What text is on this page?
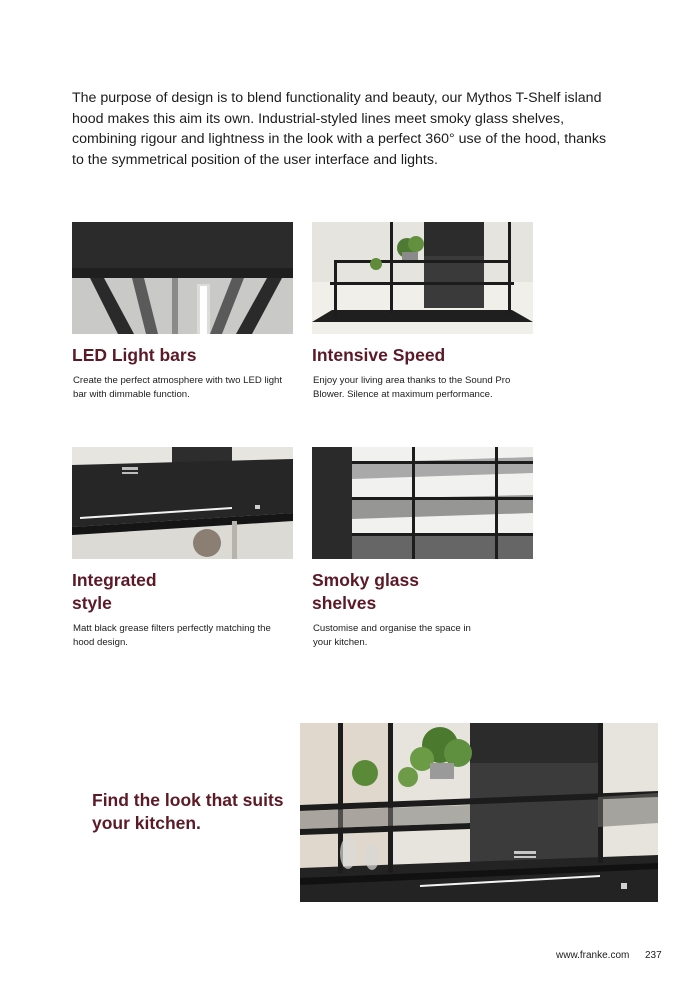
The purpose of design is to blend functionality and beauty, our Mythos T-Shelf island hood makes this aim its own. Industrial-styled lines meet smoky glass shelves, combining rigour and lightness in the look with a perfect 360° use of the hood, thanks to the symmetrical position of the user interface and lights.

LED Light bars

Create the perfect atmosphere with two LED light bar with dimmable function.

Intensive Speed

Enjoy your living area thanks to the Sound Pro Blower. Silence at maximum performance.

Integrated style

Matt black grease filters perfectly matching the hood design.

Smoky glass shelves

Customise and organise the space in your kitchen.

Find the look that suits your kitchen.
www.franke.com 237
